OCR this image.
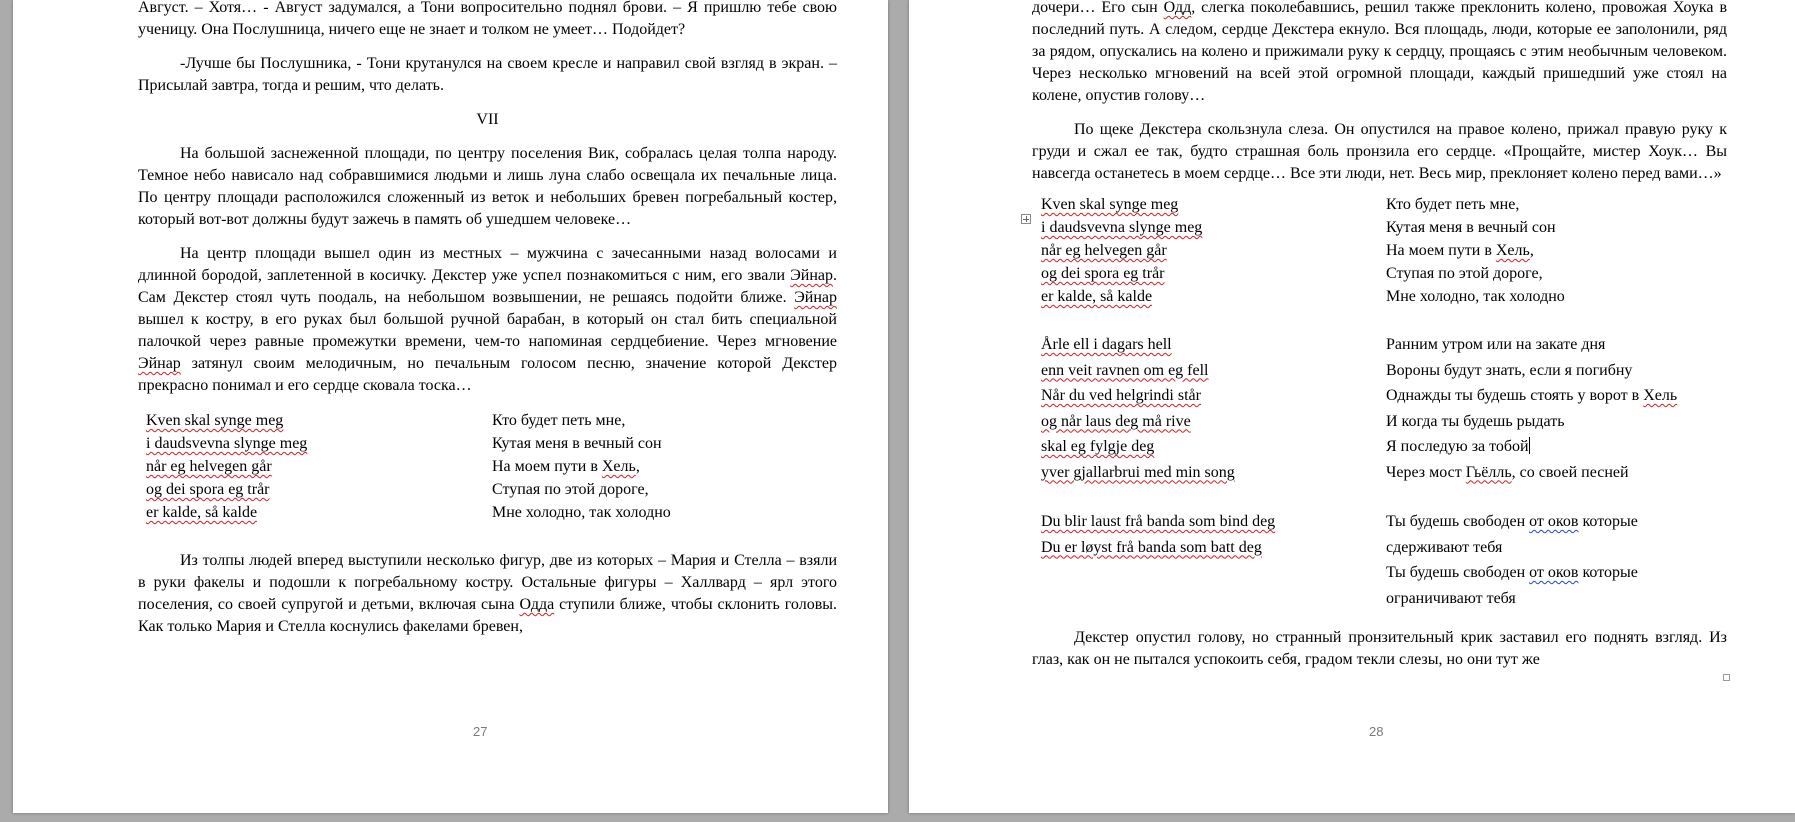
Август. – Хотя… - Август задумался, а Тони вопросительно поднял брови. – Я пришлю тебе свою ученицу. Она Послушница, ничего еще не знает и толком не умеет… Подойдет?

-Лучше бы Послушника, - Тони крутанулся на своем кресле и направил свой взгляд в экран. – Присылай завтра, тогда и решим, что делать.

VII

На большой заснеженной площади, по центру поселения Вик, собралась целая толпа народу. Темное небо нависало над собравшимися людьми и лишь луна слабо освещала их печальные лица. По центру площади расположился сложенный из веток и небольших бревен погребальный костер, который вот-вот должны будут зажечь в память об ушедшем человеке…

На центр площади вышел один из местных – мужчина с зачесанными назад волосами и длинной бородой, заплетенной в косичку. Декстер уже успел познакомиться с ним, его звали Эйнар. Сам Декстер стоял чуть поодаль, на небольшом возвышении, не решаясь подойти ближе. Эйнар вышел к костру, в его руках был большой ручной барабан, в который он стал бить специальной палочкой через равные промежутки времени, чем-то напоминая сердцебиение. Через мгновение Эйнар затянул своим мелодичным, но печальным голосом песню, значение которой Декстер прекрасно понимал и его сердце сковала тоска…

Kven skal synge meg
i daudsvevna slynge meg
når eg helvegen går
og dei spora eg trår
er kalde, så kalde
Кто будет петь мне,
Кутая меня в вечный сон
На моем пути в Хель,
Ступая по этой дороге,
Мне холодно, так холодно

Из толпы людей вперед выступили несколько фигур, две из которых – Мария и Стелла – взяли в руки факелы и подошли к погребальному костру. Остальные фигуры – Халлвард – ярл этого поселения, со своей супругой и детьми, включая сына Одда ступили ближе, чтобы склонить головы. Как только Мария и Стелла коснулись факелами бревен,

27

дочери… Его сын Одд, слегка поколебавшись, решил также преклонить колено, провожая Хоука в последний путь. А следом, сердце Декстера екнуло. Вся площадь, люди, которые ее заполонили, ряд за рядом, опускались на колено и прижимали руку к сердцу, прощаясь с этим необычным человеком. Через несколько мгновений на всей этой огромной площади, каждый пришедший уже стоял на колене, опустив голову…

По щеке Декстера скользнула слеза. Он опустился на правое колено, прижал правую руку к груди и сжал ее так, будто страшная боль пронзила его сердце. «Прощайте, мистер Хоук… Вы навсегда останетесь в моем сердце… Все эти люди, нет. Весь мир, преклоняет колено перед вами…»

Kven skal synge meg
i daudsvevna slynge meg
når eg helvegen går
og dei spora eg trår
er kalde, så kalde
Årle ell i dagars hell
enn veit ravnen om eg fell
Når du ved helgrindi står
og når laus deg må rive
skal eg fylgje deg
yver gjallarbrui med min song
Du blir laust frå banda som bind deg
Du er løyst frå banda som batt deg
Кто будет петь мне,
Кутая меня в вечный сон
На моем пути в Хель,
Ступая по этой дороге,
Мне холодно, так холодно
Ранним утром или на закате дня
Вороны будут знать, если я погибну
Однажды ты будешь стоять у ворот в Хель
И когда ты будешь рыдать
Я последую за тобой
Через мост Гьёлль, со своей песней
Ты будешь свободен от оков которые
сдерживают тебя
Ты будешь свободен от оков которые
ограничивают тебя

Декстер опустил голову, но странный пронзительный крик заставил его поднять взгляд. Из глаз, как он не пытался успокоить себя, градом текли слезы, но они тут же

28
